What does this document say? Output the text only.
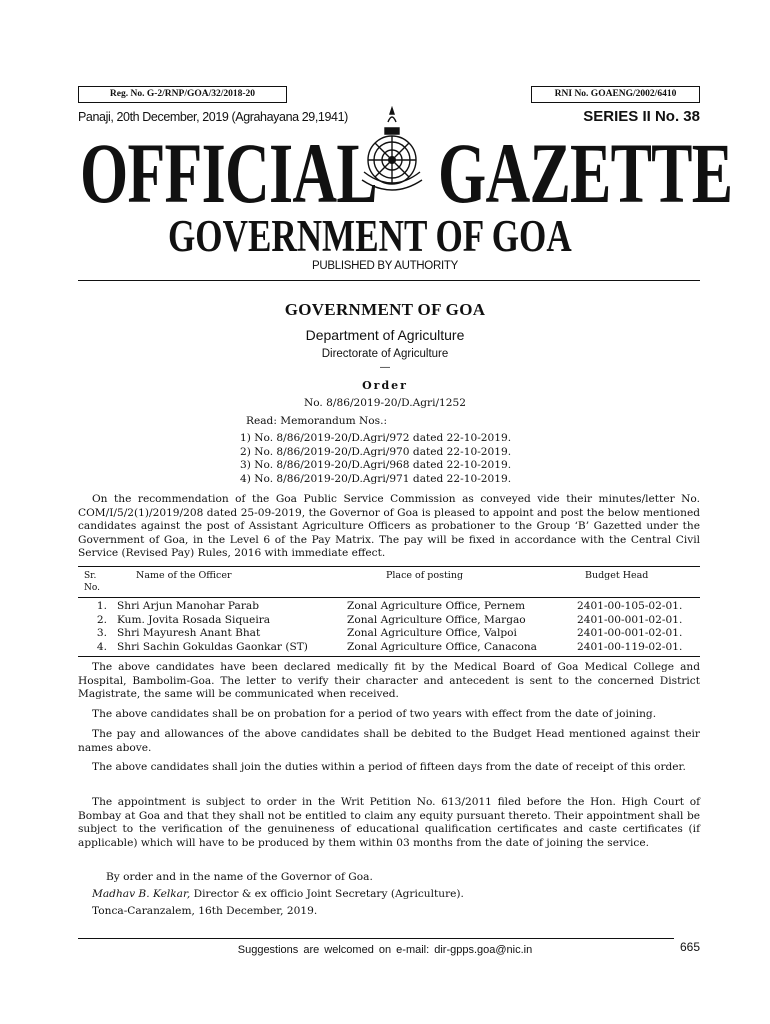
Reg. No. G-2/RNP/GOA/32/2018-20	RNI No. GOAENG/2002/6410
Panaji, 20th December, 2019 (Agrahayana 29,1941)	SERIES II No. 38
OFFICIAL GAZETTE
GOVERNMENT OF GOA
PUBLISHED BY AUTHORITY
GOVERNMENT OF GOA
Department of Agriculture
Directorate of Agriculture
—
Order
No. 8/86/2019-20/D.Agri/1252
Read: Memorandum Nos.:
1) No. 8/86/2019-20/D.Agri/972 dated 22-10-2019.
2) No. 8/86/2019-20/D.Agri/970 dated 22-10-2019.
3) No. 8/86/2019-20/D.Agri/968 dated 22-10-2019.
4) No. 8/86/2019-20/D.Agri/971 dated 22-10-2019.
On the recommendation of the Goa Public Service Commission as conveyed vide their minutes/letter No. COM/I/5/2(1)/2019/208 dated 25-09-2019, the Governor of Goa is pleased to appoint and post the below mentioned candidates against the post of Assistant Agriculture Officers as probationer to the Group ‘B’ Gazetted under the Government of Goa, in the Level 6 of the Pay Matrix. The pay will be fixed in accordance with the Central Civil Service (Revised Pay) Rules, 2016 with immediate effect.
Sr.
No.
Name of the Officer	Place of posting	Budget Head
1.	Shri Arjun Manohar Parab	Zonal Agriculture Office, Pernem	2401-00-105-02-01.
2.	Kum. Jovita Rosada Siqueira	Zonal Agriculture Office, Margao	2401-00-001-02-01.
3.	Shri Mayuresh Anant Bhat	Zonal Agriculture Office, Valpoi	2401-00-001-02-01.
4.	Shri Sachin Gokuldas Gaonkar (ST)	Zonal Agriculture Office, Canacona	2401-00-119-02-01.
The above candidates have been declared medically fit by the Medical Board of Goa Medical College and Hospital, Bambolim-Goa. The letter to verify their character and antecedent is sent to the concerned District Magistrate, the same will be communicated when received.
The above candidates shall be on probation for a period of two years with effect from the date of joining.
The pay and allowances of the above candidates shall be debited to the Budget Head mentioned against their names above.
The above candidates shall join the duties within a period of fifteen days from the date of receipt of this order.
The appointment is subject to order in the Writ Petition No. 613/2011 filed before the Hon. High Court of Bombay at Goa and that they shall not be entitled to claim any equity pursuant thereto. Their appointment shall be subject to the verification of the genuineness of educational qualification certificates and caste certificates (if applicable) which will have to be produced by them within 03 months from the date of joining the service.
By order and in the name of the Governor of Goa.
Madhav B. Kelkar, Director & ex officio Joint Secretary (Agriculture).
Tonca-Caranzalem, 16th December, 2019.
Suggestions are welcomed on e-mail: dir-gpps.goa@nic.in	665
